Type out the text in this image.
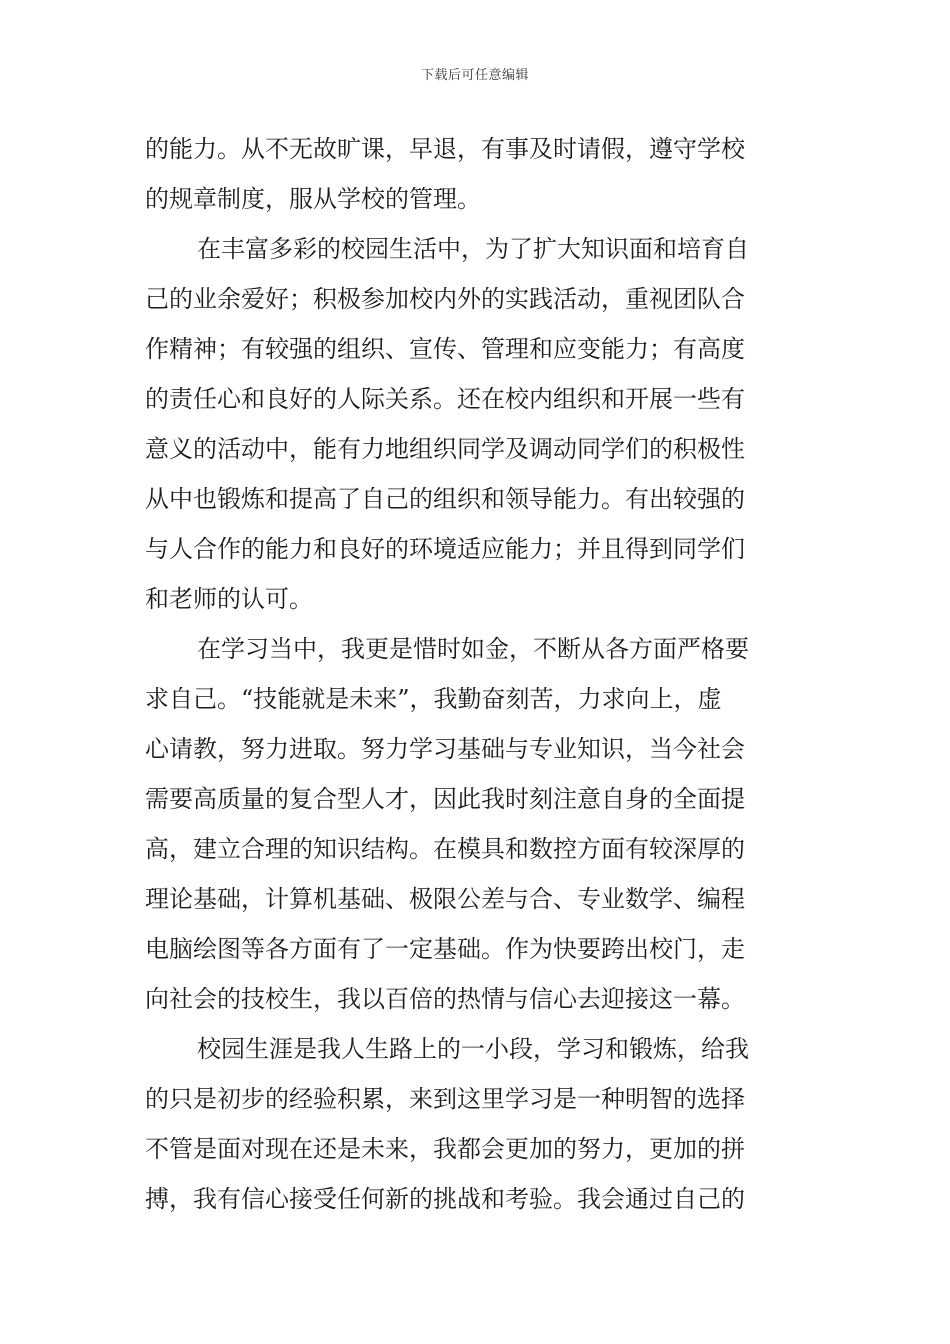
下载后可任意编辑
的能力。从不无故旷课，早退，有事及时请假，遵守学校
的规章制度，服从学校的管理。
在丰富多彩的校园生活中，为了扩大知识面和培育自
己的业余爱好；积极参加校内外的实践活动，重视团队合
作精神；有较强的组织、宣传、管理和应变能力；有高度
的责任心和良好的人际关系。还在校内组织和开展一些有
意义的活动中，能有力地组织同学及调动同学们的积极性
从中也锻炼和提高了自己的组织和领导能力。有出较强的
与人合作的能力和良好的环境适应能力；并且得到同学们
和老师的认可。
在学习当中，我更是惜时如金，不断从各方面严格要
求自己。“技能就是未来”，我勤奋刻苦，力求向上，虚
心请教，努力进取。努力学习基础与专业知识，当今社会
需要高质量的复合型人才，因此我时刻注意自身的全面提
高，建立合理的知识结构。在模具和数控方面有较深厚的
理论基础，计算机基础、极限公差与合、专业数学、编程
电脑绘图等各方面有了一定基础。作为快要跨出校门，走
向社会的技校生，我以百倍的热情与信心去迎接这一幕。
校园生涯是我人生路上的一小段，学习和锻炼，给我
的只是初步的经验积累，来到这里学习是一种明智的选择
不管是面对现在还是未来，我都会更加的努力，更加的拼
搏，我有信心接受任何新的挑战和考验。我会通过自己的
